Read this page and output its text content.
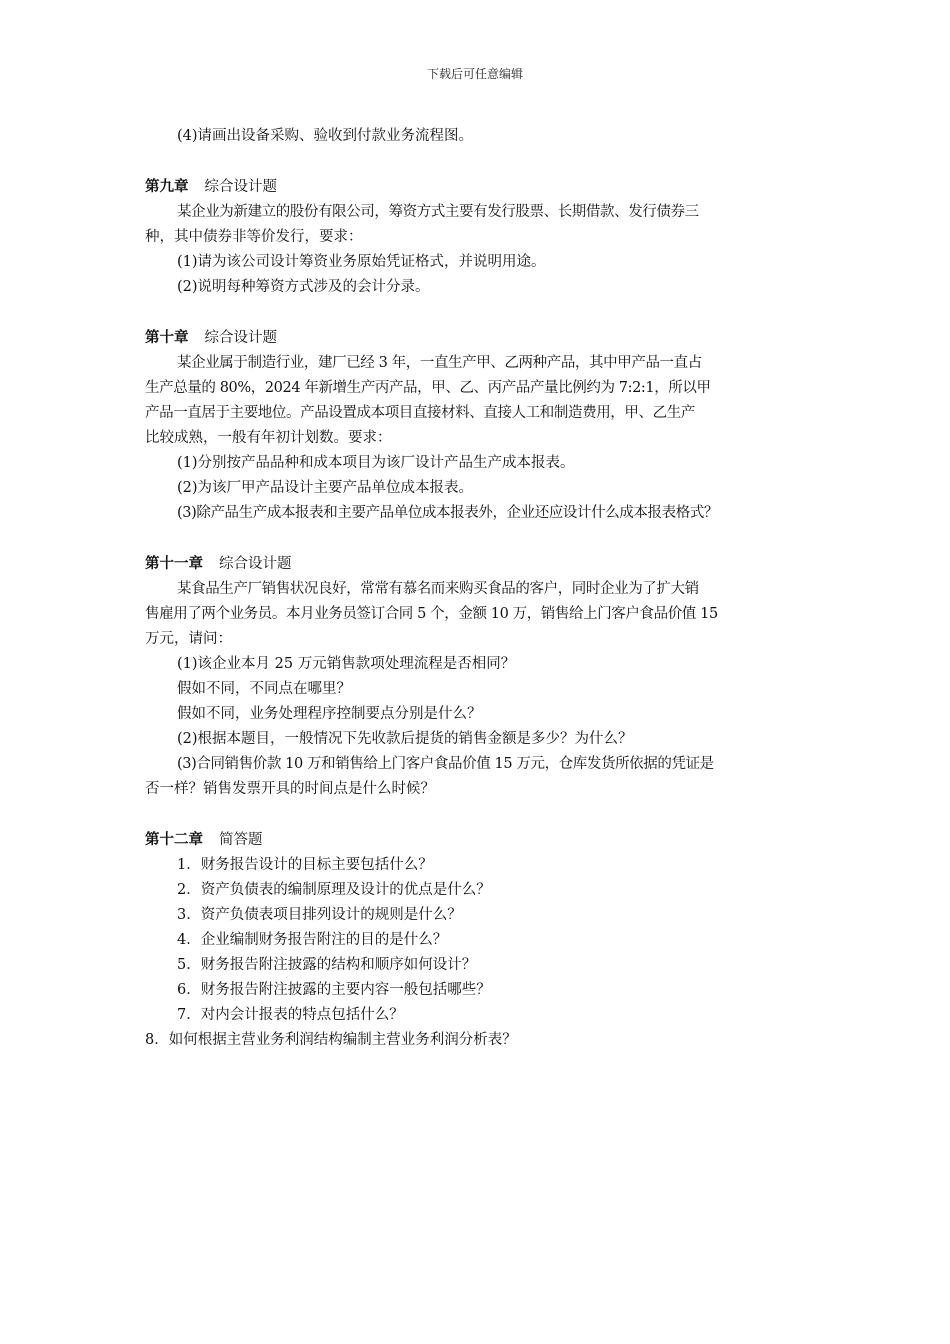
下载后可任意编辑

(4)请画出设备采购、验收到付款业务流程图。

第九章 综合设计题

某企业为新建立的股份有限公司，筹资方式主要有发行股票、长期借款、发行债券三

种，其中债券非等价发行，要求：

(1)请为该公司设计筹资业务原始凭证格式，并说明用途。

(2)说明每种筹资方式涉及的会计分录。

第十章 综合设计题

某企业属于制造行业，建厂已经 3 年，一直生产甲、乙两种产品，其中甲产品一直占

生产总量的 80%，2024 年新增生产丙产品，甲、乙、丙产品产量比例约为 7:2:1，所以甲

产品一直居于主要地位。产品设置成本项目直接材料、直接人工和制造费用，甲、乙生产

比较成熟，一般有年初计划数。要求：

(1)分别按产品品种和成本项目为该厂设计产品生产成本报表。

(2)为该厂甲产品设计主要产品单位成本报表。

(3)除产品生产成本报表和主要产品单位成本报表外，企业还应设计什么成本报表格式？

第十一章 综合设计题

某食品生产厂销售状况良好，常常有慕名而来购买食品的客户，同时企业为了扩大销

售雇用了两个业务员。本月业务员签订合同 5 个，金额 10 万，销售给上门客户食品价值 15

万元，请问：

(1)该企业本月 25 万元销售款项处理流程是否相同？

假如不同，不同点在哪里？

假如不同，业务处理程序控制要点分别是什么？

(2)根据本题目，一般情况下先收款后提货的销售金额是多少？为什么？

(3)合同销售价款 10 万和销售给上门客户食品价值 15 万元，仓库发货所依据的凭证是

否一样？销售发票开具的时间点是什么时候？

第十二章 简答题

1．财务报告设计的目标主要包括什么？

2．资产负债表的编制原理及设计的优点是什么？

3．资产负债表项目排列设计的规则是什么？

4．企业编制财务报告附注的目的是什么？

5．财务报告附注披露的结构和顺序如何设计？

6．财务报告附注披露的主要内容一般包括哪些？

7．对内会计报表的特点包括什么？

8．如何根据主营业务利润结构编制主营业务利润分析表？
